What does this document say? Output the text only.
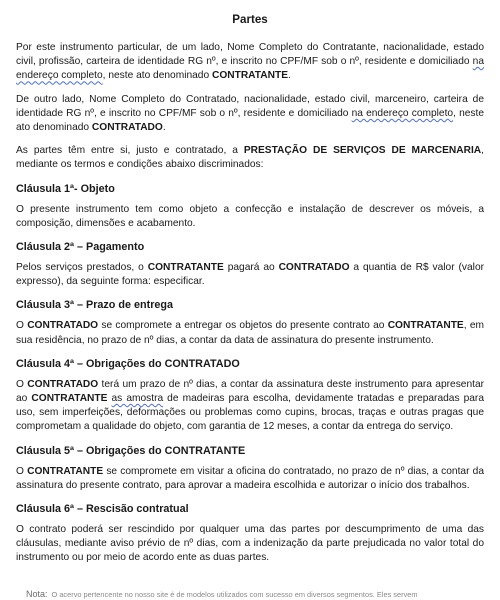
Partes

Por este instrumento particular, de um lado, Nome Completo do Contratante, nacionalidade, estado civil, profissão, carteira de identidade RG nº, e inscrito no CPF/MF sob o nº, residente e domiciliado na endereço completo, neste ato denominado CONTRATANTE.

De outro lado, Nome Completo do Contratado, nacionalidade, estado civil, marceneiro, carteira de identidade RG nº, e inscrito no CPF/MF sob o nº, residente e domiciliado na endereço completo, neste ato denominado CONTRATADO.

As partes têm entre si, justo e contratado, a PRESTAÇÃO DE SERVIÇOS DE MARCENARIA, mediante os termos e condições abaixo discriminados:

Cláusula 1ª- Objeto

O presente instrumento tem como objeto a confecção e instalação de descrever os móveis, a composição, dimensões e acabamento.

Cláusula 2ª – Pagamento

Pelos serviços prestados, o CONTRATANTE pagará ao CONTRATADO a quantia de R$ valor (valor expresso), da seguinte forma: especificar.

Cláusula 3ª – Prazo de entrega

O CONTRATADO se compromete a entregar os objetos do presente contrato ao CONTRATANTE, em sua residência, no prazo de nº dias, a contar da data de assinatura do presente instrumento.

Cláusula 4ª – Obrigações do CONTRATADO

O CONTRATADO terá um prazo de nº dias, a contar da assinatura deste instrumento para apresentar ao CONTRATANTE as amostra de madeiras para escolha, devidamente tratadas e preparadas para uso, sem imperfeições, deformações ou problemas como cupins, brocas, traças e outras pragas que comprometam a qualidade do objeto, com garantia de 12 meses, a contar da entrega do serviço.

Cláusula 5ª – Obrigações do CONTRATANTE

O CONTRATANTE se compromete em visitar a oficina do contratado, no prazo de nº dias, a contar da assinatura do presente contrato, para aprovar a madeira escolhida e autorizar o início dos trabalhos.

Cláusula 6ª – Rescisão contratual

O contrato poderá ser rescindido por qualquer uma das partes por descumprimento de uma das cláusulas, mediante aviso prévio de nº dias, com a indenização da parte prejudicada no valor total do instrumento ou por meio de acordo ente as duas partes.

Nota: O acervo pertencente no nosso site é de modelos utilizados com sucesso em diversos segmentos. Eles servem
